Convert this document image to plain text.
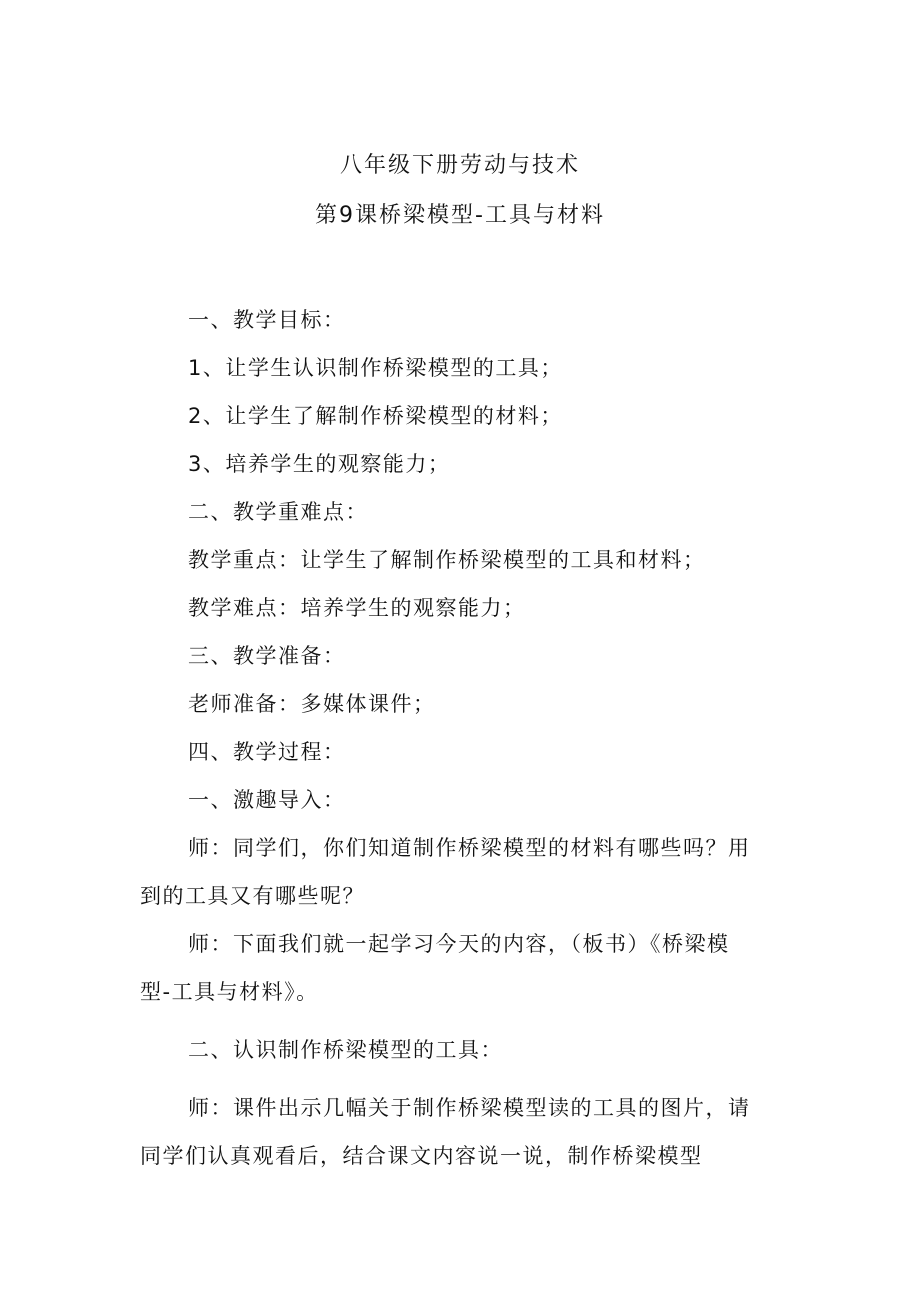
八年级下册劳动与技术
第9课桥梁模型-工具与材料

一、教学目标：

1、让学生认识制作桥梁模型的工具；

2、让学生了解制作桥梁模型的材料；

3、培养学生的观察能力；

二、教学重难点：

教学重点：让学生了解制作桥梁模型的工具和材料；

教学难点：培养学生的观察能力；

三、教学准备：

老师准备：多媒体课件；

四、教学过程：

一、激趣导入：

师：同学们，你们知道制作桥梁模型的材料有哪些吗？用
到的工具又有哪些呢？

师：下面我们就一起学习今天的内容，（板书）《桥梁模
型-工具与材料》。

二、认识制作桥梁模型的工具：

师：课件出示几幅关于制作桥梁模型读的工具的图片，请
同学们认真观看后，结合课文内容说一说，制作桥梁模型
